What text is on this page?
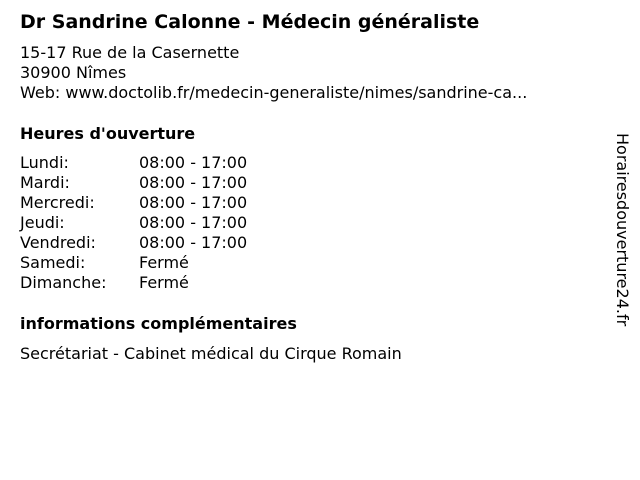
Dr Sandrine Calonne - Médecin généraliste
15-17 Rue de la Casernette
30900 Nîmes
Web: www.doctolib.fr/medecin-generaliste/nimes/sandrine-ca...
Heures d'ouverture
Lundi:	08:00 - 17:00
Mardi:	08:00 - 17:00
Mercredi:	08:00 - 17:00
Jeudi:	08:00 - 17:00
Vendredi:	08:00 - 17:00
Samedi:	Fermé
Dimanche: Fermé
informations complémentaires
Secrétariat - Cabinet médical du Cirque Romain
Horairesdouverture24.fr
